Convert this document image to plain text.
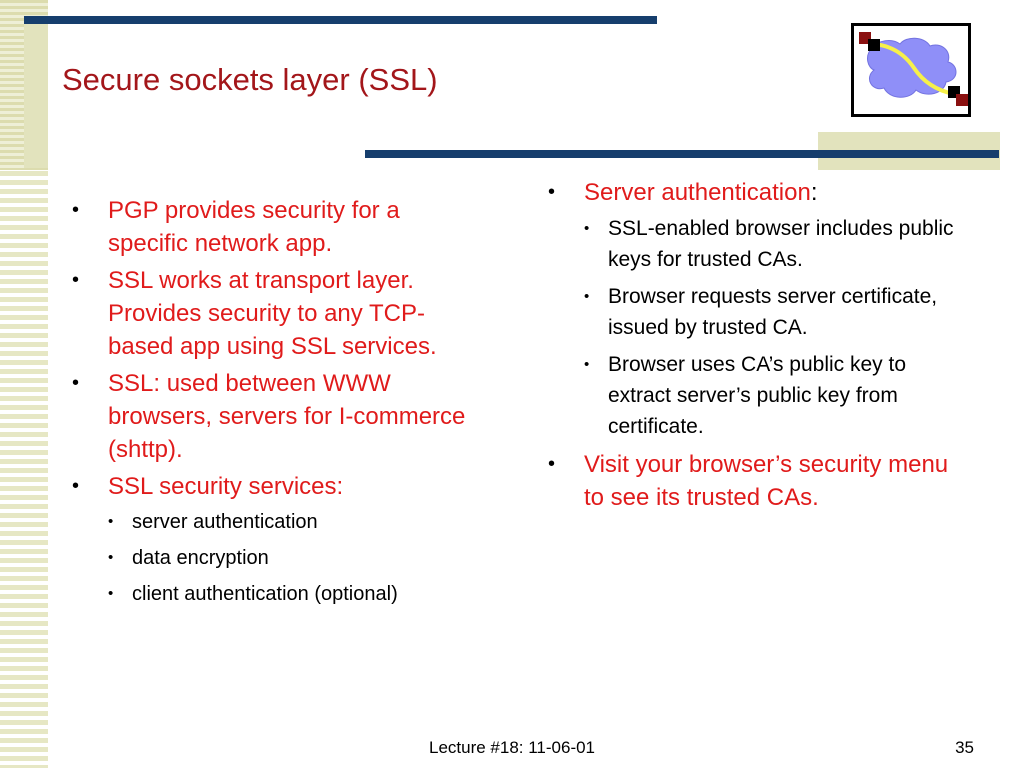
Secure sockets layer (SSL)
PGP provides security for a specific network app.
SSL works at transport layer. Provides security to any TCP-based app using SSL services.
SSL: used between WWW browsers, servers for I-commerce (shttp).
SSL security services:
• server authentication
• data encryption
• client authentication (optional)
Server authentication:
• SSL-enabled browser includes public keys for trusted CAs.
• Browser requests server certificate, issued by trusted CA.
• Browser uses CA’s public key to extract server’s public key from certificate.
Visit your browser’s security menu to see its trusted CAs.
Lecture #18: 11-06-01	35
